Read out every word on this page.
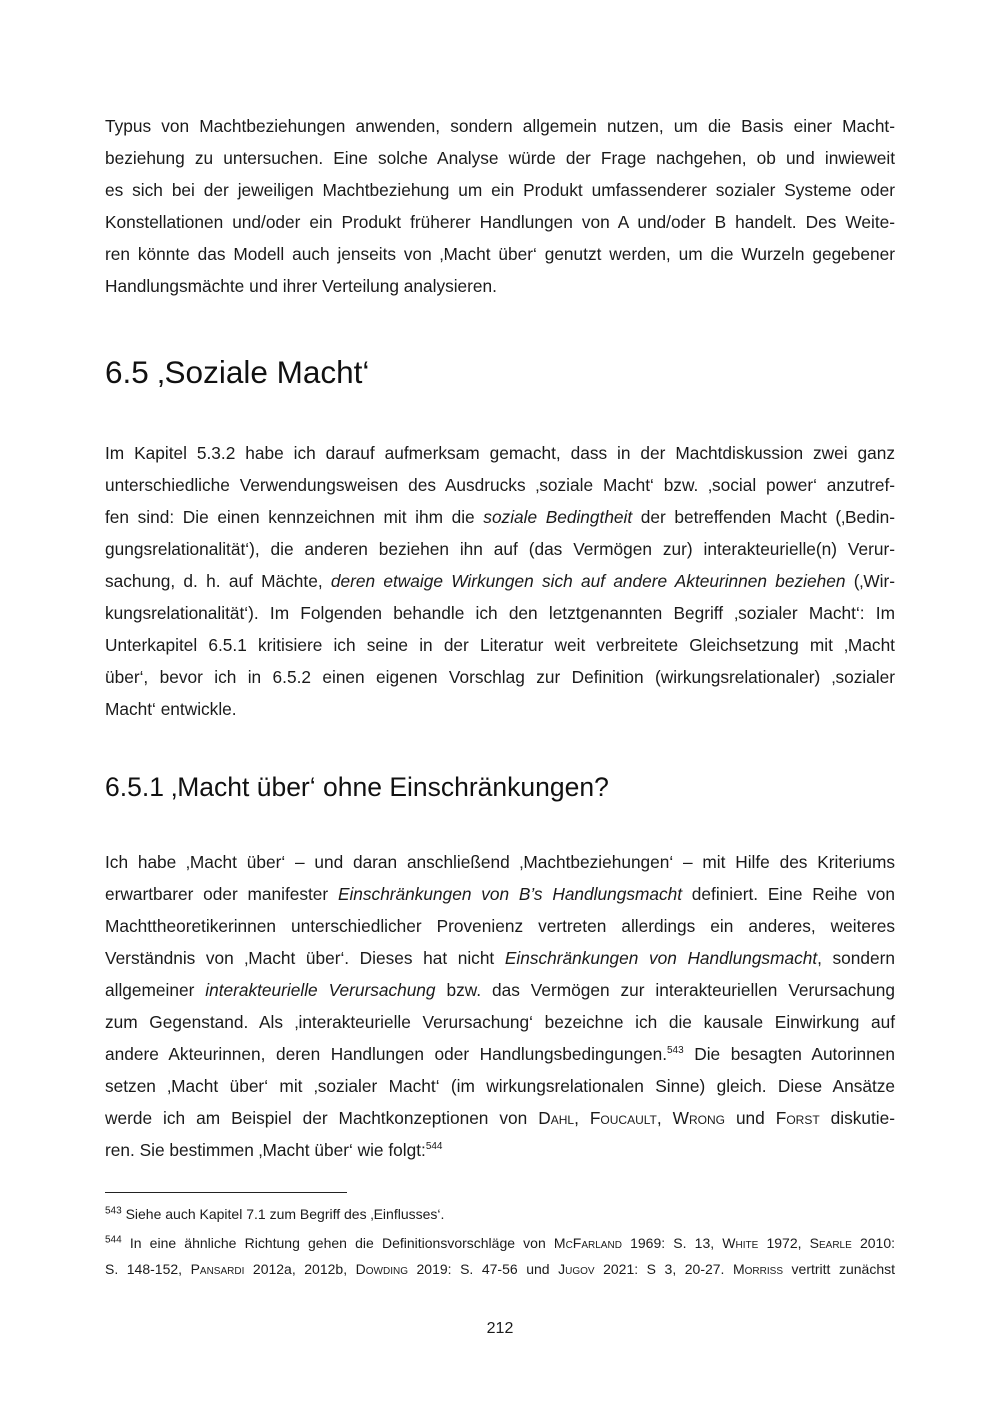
Typus von Machtbeziehungen anwenden, sondern allgemein nutzen, um die Basis einer Macht-
beziehung zu untersuchen. Eine solche Analyse würde der Frage nachgehen, ob und inwieweit
es sich bei der jeweiligen Machtbeziehung um ein Produkt umfassenderer sozialer Systeme oder
Konstellationen und/oder ein Produkt früherer Handlungen von A und/oder B handelt. Des Weite-
ren könnte das Modell auch jenseits von ‚Macht über‘ genutzt werden, um die Wurzeln gegebener
Handlungsmächte und ihrer Verteilung analysieren.

6.5 ‚Soziale Macht‘

Im Kapitel 5.3.2 habe ich darauf aufmerksam gemacht, dass in der Machtdiskussion zwei ganz
unterschiedliche Verwendungsweisen des Ausdrucks ‚soziale Macht‘ bzw. ‚social power‘ anzutref-
fen sind: Die einen kennzeichnen mit ihm die soziale Bedingtheit der betreffenden Macht (‚Bedin-
gungsrelationalität‘), die anderen beziehen ihn auf (das Vermögen zur) interakteurielle(n) Verur-
sachung, d. h. auf Mächte, deren etwaige Wirkungen sich auf andere Akteurinnen beziehen (‚Wir-
kungsrelationalität‘). Im Folgenden behandle ich den letztgenannten Begriff ‚sozialer Macht‘: Im
Unterkapitel 6.5.1 kritisiere ich seine in der Literatur weit verbreitete Gleichsetzung mit ‚Macht
über‘, bevor ich in 6.5.2 einen eigenen Vorschlag zur Definition (wirkungsrelationaler) ‚sozialer
Macht‘ entwickle.

6.5.1 ‚Macht über‘ ohne Einschränkungen?

Ich habe ‚Macht über‘ – und daran anschließend ‚Machtbeziehungen‘ – mit Hilfe des Kriteriums
erwartbarer oder manifester Einschränkungen von B’s Handlungsmacht definiert. Eine Reihe von
Machttheoretikerinnen unterschiedlicher Provenienz vertreten allerdings ein anderes, weiteres
Verständnis von ‚Macht über‘. Dieses hat nicht Einschränkungen von Handlungsmacht, sondern
allgemeiner interakteurielle Verursachung bzw. das Vermögen zur interakteuriellen Verursachung
zum Gegenstand. Als ‚interakteurielle Verursachung‘ bezeichne ich die kausale Einwirkung auf
andere Akteurinnen, deren Handlungen oder Handlungsbedingungen.$^{543}$ Die besagten Autorinnen
setzen ‚Macht über‘ mit ‚sozialer Macht‘ (im wirkungsrelationalen Sinne) gleich. Diese Ansätze
werde ich am Beispiel der Machtkonzeptionen von Dahl, Foucault, Wrong und Forst diskutie-
ren. Sie bestimmen ‚Macht über‘ wie folgt:$^{544}$

$^{543}$ Siehe auch Kapitel 7.1 zum Begriff des ‚Einflusses‘.

$^{544}$ In eine ähnliche Richtung gehen die Definitionsvorschläge von McFarland 1969: S. 13, White 1972, Searle 2010:
S. 148-152, Pansardi 2012a, 2012b, Dowding 2019: S. 47-56 und Jugov 2021: S 3, 20-27. Morriss vertritt zunächst

212
